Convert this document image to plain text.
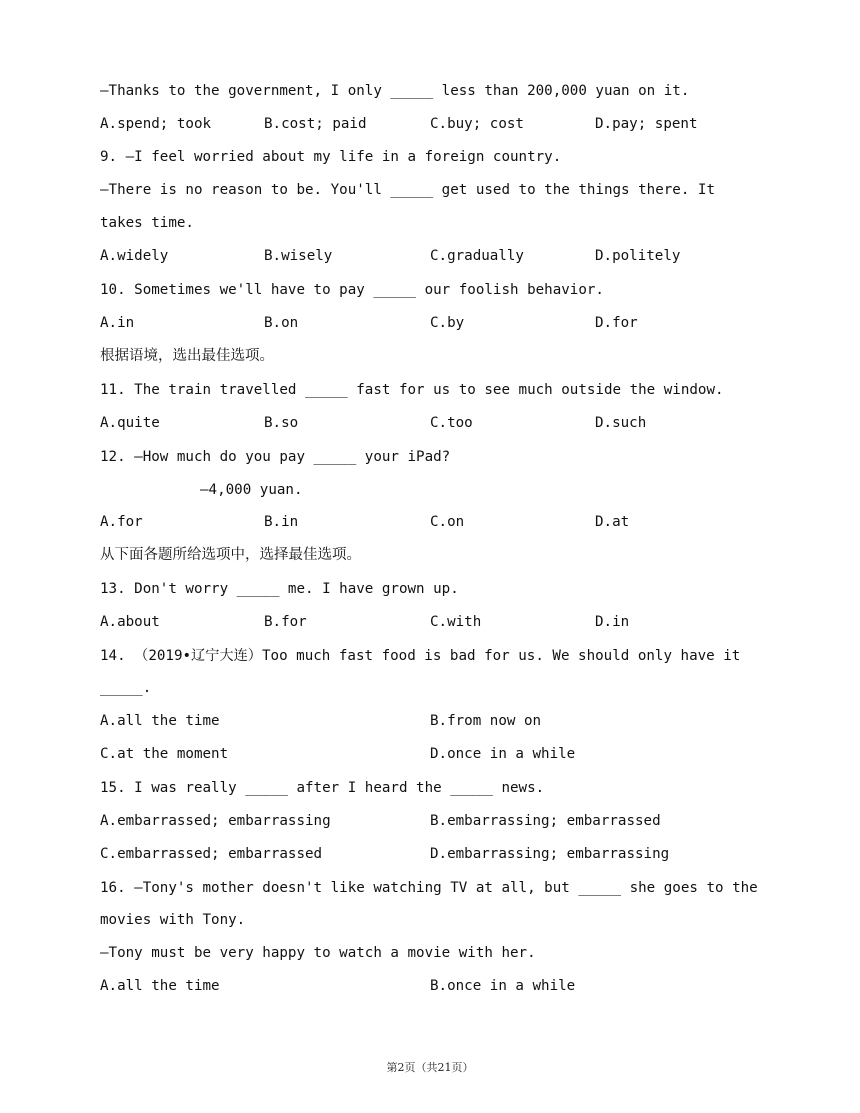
—Thanks to the government, I only _____ less than 200,000 yuan on it.
A.spend; took	B.cost; paid	C.buy; cost	D.pay; spent
9. —I feel worried about my life in a foreign country.
—There is no reason to be. You'll _____ get used to the things there. It
takes time.
A.widely	B.wisely	C.gradually	D.politely
10. Sometimes we'll have to pay _____ our foolish behavior.
A.in	B.on	C.by	D.for
根据语境，选出最佳选项。
11. The train travelled _____ fast for us to see much outside the window.
A.quite	B.so	C.too	D.such
12. —How much do you pay _____ your iPad?
—4,000 yuan.
A.for	B.in	C.on	D.at
从下面各题所给选项中，选择最佳选项。
13. Don't worry _____ me. I have grown up.
A.about	B.for	C.with	D.in
14. （2019•辽宁大连）Too much fast food is bad for us. We should only have it
_____.
A.all the time	B.from now on
C.at the moment	D.once in a while
15. I was really _____ after I heard the _____ news.
A.embarrassed; embarrassing	B.embarrassing; embarrassed
C.embarrassed; embarrassed	D.embarrassing; embarrassing
16. —Tony's mother doesn't like watching TV at all, but _____ she goes to the
movies with Tony.
—Tony must be very happy to watch a movie with her.
A.all the time	B.once in a while
第2页（共21页）
